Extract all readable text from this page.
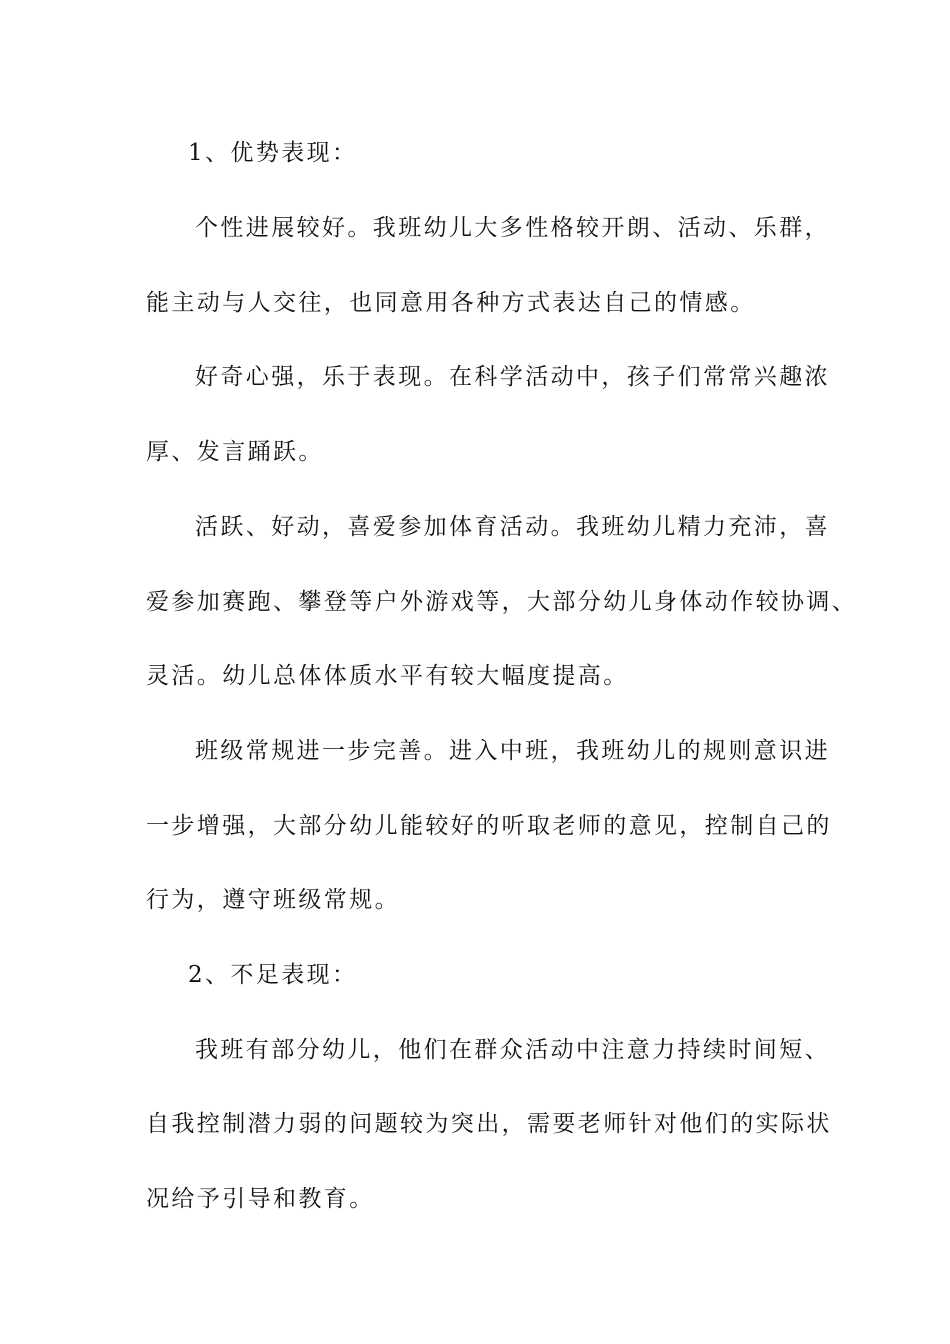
1、优势表现：
个性进展较好。我班幼儿大多性格较开朗、活动、乐群，
能主动与人交往，也同意用各种方式表达自己的情感。
好奇心强，乐于表现。在科学活动中，孩子们常常兴趣浓
厚、发言踊跃。
活跃、好动，喜爱参加体育活动。我班幼儿精力充沛，喜
爱参加赛跑、攀登等户外游戏等，大部分幼儿身体动作较协调、
灵活。幼儿总体体质水平有较大幅度提高。
班级常规进一步完善。进入中班，我班幼儿的规则意识进
一步增强，大部分幼儿能较好的听取老师的意见，控制自己的
行为，遵守班级常规。
2、不足表现：
我班有部分幼儿，他们在群众活动中注意力持续时间短、
自我控制潜力弱的问题较为突出，需要老师针对他们的实际状
况给予引导和教育。
